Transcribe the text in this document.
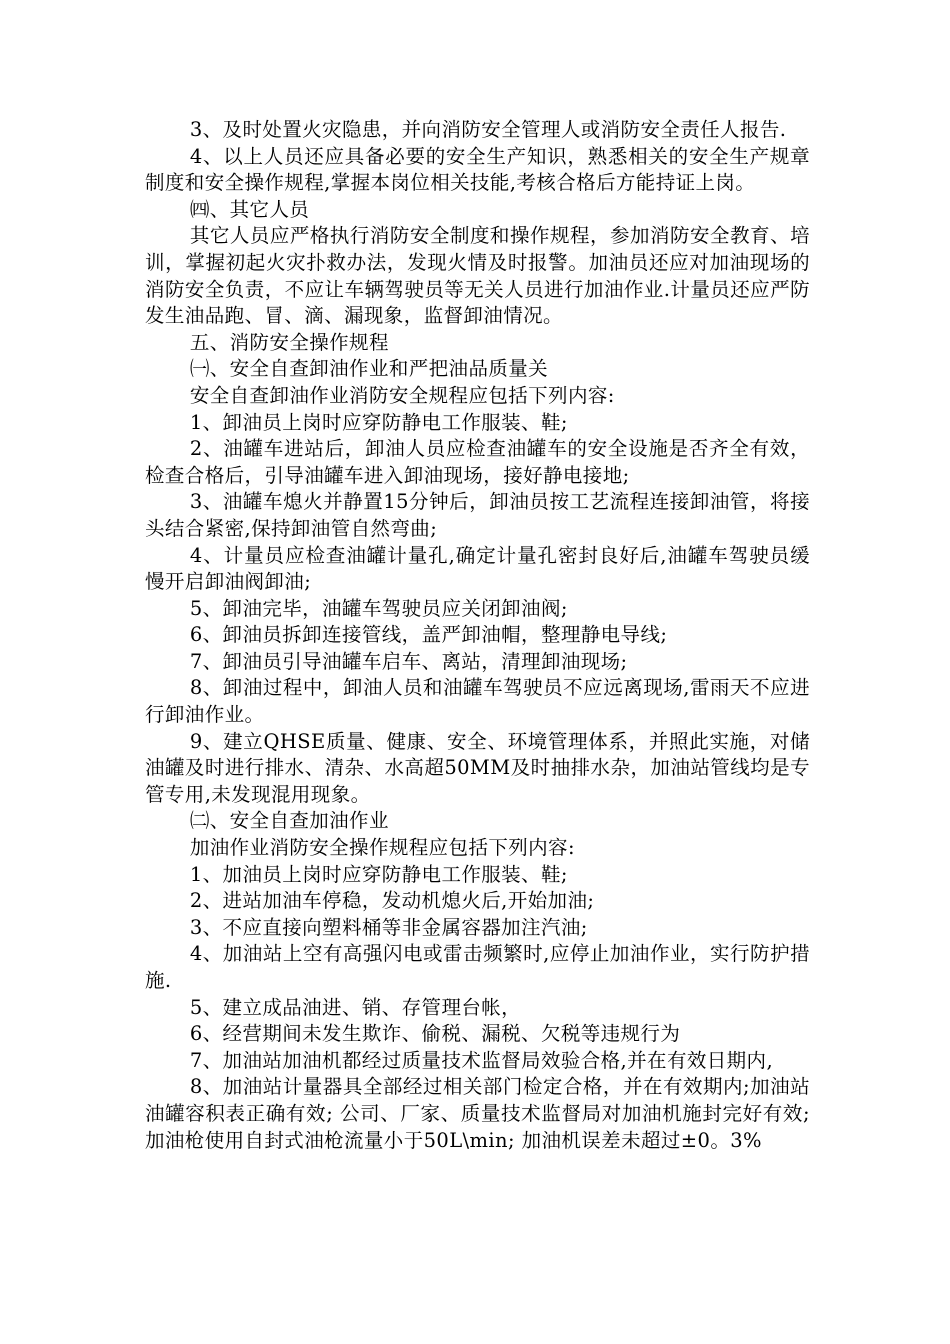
3、及时处置火灾隐患，并向消防安全管理人或消防安全责任人报告.

4、以上人员还应具备必要的安全生产知识，熟悉相关的安全生产规章制度和安全操作规程,掌握本岗位相关技能,考核合格后方能持证上岗。

㈣、其它人员

其它人员应严格执行消防安全制度和操作规程，参加消防安全教育、培训，掌握初起火灾扑救办法，发现火情及时报警。加油员还应对加油现场的消防安全负责，不应让车辆驾驶员等无关人员进行加油作业.计量员还应严防发生油品跑、冒、滴、漏现象，监督卸油情况。

五、消防安全操作规程

㈠、安全自查卸油作业和严把油品质量关

安全自查卸油作业消防安全规程应包括下列内容:

1、卸油员上岗时应穿防静电工作服装、鞋;

2、油罐车进站后，卸油人员应检查油罐车的安全设施是否齐全有效，检查合格后，引导油罐车进入卸油现场，接好静电接地;

3、油罐车熄火并静置15分钟后，卸油员按工艺流程连接卸油管，将接头结合紧密,保持卸油管自然弯曲;

4、计量员应检查油罐计量孔,确定计量孔密封良好后,油罐车驾驶员缓慢开启卸油阀卸油;

5、卸油完毕，油罐车驾驶员应关闭卸油阀;

6、卸油员拆卸连接管线，盖严卸油帽，整理静电导线;

7、卸油员引导油罐车启车、离站，清理卸油现场;

8、卸油过程中，卸油人员和油罐车驾驶员不应远离现场,雷雨天不应进行卸油作业。

9、建立QHSE质量、健康、安全、环境管理体系，并照此实施，对储油罐及时进行排水、清杂、水高超50MM及时抽排水杂，加油站管线均是专管专用,未发现混用现象。

㈡、安全自查加油作业

加油作业消防安全操作规程应包括下列内容:

1、加油员上岗时应穿防静电工作服装、鞋;

2、进站加油车停稳，发动机熄火后,开始加油;

3、不应直接向塑料桶等非金属容器加注汽油;

4、加油站上空有高强闪电或雷击频繁时,应停止加油作业，实行防护措施.

5、建立成品油进、销、存管理台帐，

6、经营期间未发生欺诈、偷税、漏税、欠税等违规行为

7、加油站加油机都经过质量技术监督局效验合格,并在有效日期内,

8、加油站计量器具全部经过相关部门检定合格，并在有效期内;加油站油罐容积表正确有效; 公司、厂家、质量技术监督局对加油机施封完好有效; 加油枪使用自封式油枪流量小于50L\min; 加油机误差未超过±0。3%
